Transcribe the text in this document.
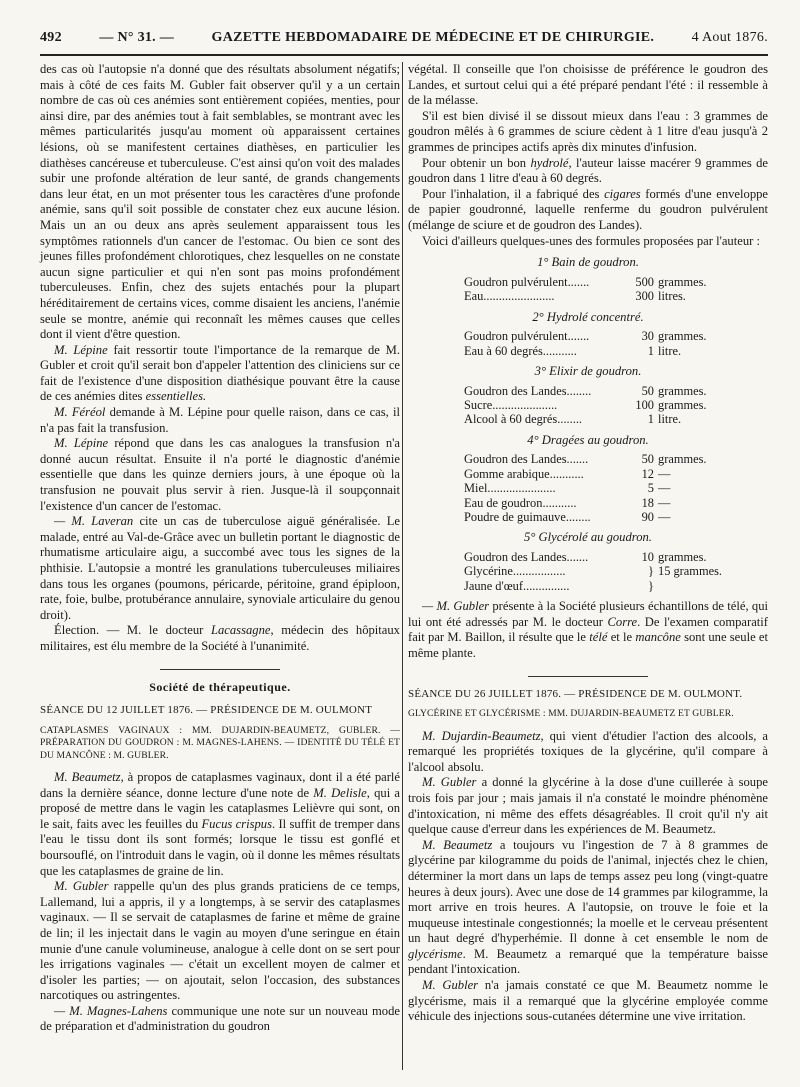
492	— N° 31. —	GAZETTE HEBDOMADAIRE DE MÉDECINE ET DE CHIRURGIE.	4 Aout 1876.

des cas où l'autopsie n'a donné que des résultats absolument négatifs; mais à côté de ces faits M. Gubler fait observer qu'il y a un certain nombre de cas où ces anémies sont entièrement copiées, menties, pour ainsi dire, par des anémies tout à fait semblables, se montrant avec les mêmes particularités jusqu'au moment où apparaissent certaines lésions, où se manifestent certaines diathèses, en particulier les diathèses cancéreuse et tuberculeuse. C'est ainsi qu'on voit des malades subir une profonde altération de leur santé, de grands changements dans leur état, en un mot présenter tous les caractères d'une profonde anémie, sans qu'il soit possible de constater chez eux aucune lésion. Mais un an ou deux ans après seulement apparaissent tous les symptômes rationnels d'un cancer de l'estomac. Ou bien ce sont des jeunes filles profondément chlorotiques, chez lesquelles on ne constate aucun signe particulier et qui n'en sont pas moins profondément tuberculeuses. Enfin, chez des sujets entachés pour la plupart héréditairement de certains vices, comme disaient les anciens, l'anémie seule se montre, anémie qui reconnaît les mêmes causes que celles dont il vient d'être question.

M. Lépine fait ressortir toute l'importance de la remarque de M. Gubler et croit qu'il serait bon d'appeler l'attention des cliniciens sur ce fait de l'existence d'une disposition diathésique pouvant être la cause de ces anémies dites essentielles.

M. Féréol demande à M. Lépine pour quelle raison, dans ce cas, il n'a pas fait la transfusion.

M. Lépine répond que dans les cas analogues la transfusion n'a donné aucun résultat. Ensuite il n'a porté le diagnostic d'anémie essentielle que dans les quinze derniers jours, à une époque où la transfusion ne pouvait plus servir à rien. Jusque-là il soupçonnait l'existence d'un cancer de l'estomac.

— M. Laveran cite un cas de tuberculose aiguë généralisée. Le malade, entré au Val-de-Grâce avec un bulletin portant le diagnostic de rhumatisme articulaire aigu, a succombé avec tous les signes de la phthisie. L'autopsie a montré les granulations tuberculeuses miliaires dans tous les organes (poumons, péricarde, péritoine, grand épiploon, rate, foie, bulbe, protubérance annulaire, synoviale articulaire du genou droit).

Élection. — M. le docteur Lacassagne, médecin des hôpitaux militaires, est élu membre de la Société à l'unanimité.

Société de thérapeutique.

SÉANCE DU 12 JUILLET 1876. — PRÉSIDENCE DE M. OULMONT

CATAPLASMES VAGINAUX : MM. DUJARDIN-BEAUMETZ, GUBLER. — PRÉPARATION DU GOUDRON : M. MAGNES-LAHENS. — IDENTITÉ DU TÉLÉ ET DU MANCÔNE : M. GUBLER.

M. Beaumetz, à propos de cataplasmes vaginaux, dont il a été parlé dans la dernière séance, donne lecture d'une note de M. Delisle, qui a proposé de mettre dans le vagin les cataplasmes Lelièvre qui sont, on le sait, faits avec les feuilles du Fucus crispus. Il suffit de tremper dans l'eau le tissu dont ils sont formés; lorsque le tissu est gonflé et boursouflé, on l'introduit dans le vagin, où il donne les mêmes résultats que les cataplasmes de graine de lin.

M. Gubler rappelle qu'un des plus grands praticiens de ce temps, Lallemand, lui a appris, il y a longtemps, à se servir des cataplasmes vaginaux. — Il se servait de cataplasmes de farine et même de graine de lin; il les injectait dans le vagin au moyen d'une seringue en étain munie d'une canule volumineuse, analogue à celle dont on se sert pour les irrigations vaginales — c'était un excellent moyen de calmer et d'isoler les parties; — on ajoutait, selon l'occasion, des substances narcotiques ou astringentes.

— M. Magnes-Lahens communique une note sur un nouveau mode de préparation et d'administration du goudron

végétal. Il conseille que l'on choisisse de préférence le goudron des Landes, et surtout celui qui a été préparé pendant l'été : il ressemble à de la mélasse.

S'il est bien divisé il se dissout mieux dans l'eau : 3 grammes de goudron mêlés à 6 grammes de sciure cèdent à 1 litre d'eau jusqu'à 2 grammes de principes actifs après dix minutes d'infusion.

Pour obtenir un bon hydrolé, l'auteur laisse macérer 9 grammes de goudron dans 1 litre d'eau à 60 degrés.

Pour l'inhalation, il a fabriqué des cigares formés d'une enveloppe de papier goudronné, laquelle renferme du goudron pulvérulent (mélange de sciure et de goudron des Landes).

Voici d'ailleurs quelques-unes des formules proposées par l'auteur :

1° Bain de goudron.

Goudron pulvérulent.......	500	grammes.
Eau.......................	300	litres.

2° Hydrolé concentré.

Goudron pulvérulent.......	30	grammes.
Eau à 60 degrés...........	1	litre.

3° Elixir de goudron.

Goudron des Landes........	50	grammes.
Sucre.....................	100	grammes.
Alcool à 60 degrés........	1	litre.

4° Dragées au goudron.

Goudron des Landes.......	50	grammes.
Gomme arabique...........	12	—
Miel......................	5	—
Eau de goudron...........	18	—
Poudre de guimauve........	90	—

5° Glycérolé au goudron.

Goudron des Landes.......	10	grammes.
Glycérine.................	}	15 grammes.
Jaune d'œuf...............	}	

— M. Gubler présente à la Société plusieurs échantillons de télé, qui lui ont été adressés par M. le docteur Corre. De l'examen comparatif fait par M. Baillon, il résulte que le télé et le mancône sont une seule et même plante.

SÉANCE DU 26 JUILLET 1876. — PRÉSIDENCE DE M. OULMONT.

GLYCÉRINE ET GLYCÉRISME : MM. DUJARDIN-BEAUMETZ ET GUBLER.

M. Dujardin-Beaumetz, qui vient d'étudier l'action des alcools, a remarqué les propriétés toxiques de la glycérine, qu'il compare à l'alcool absolu.

M. Gubler a donné la glycérine à la dose d'une cuillerée à soupe trois fois par jour ; mais jamais il n'a constaté le moindre phénomène d'intoxication, ni même des effets désagréables. Il croit qu'il n'y ait quelque cause d'erreur dans les expériences de M. Beaumetz.

M. Beaumetz a toujours vu l'ingestion de 7 à 8 grammes de glycérine par kilogramme du poids de l'animal, injectés chez le chien, déterminer la mort dans un laps de temps assez peu long (vingt-quatre heures à deux jours). Avec une dose de 14 grammes par kilogramme, la mort arrive en trois heures. A l'autopsie, on trouve le foie et la muqueuse intestinale congestionnés; la moelle et le cerveau présentent un haut degré d'hyperhémie. Il donne à cet ensemble le nom de glycérisme. M. Beaumetz a remarqué que la température baisse pendant l'intoxication.

M. Gubler n'a jamais constaté ce que M. Beaumetz nomme le glycérisme, mais il a remarqué que la glycérine employée comme véhicule des injections sous-cutanées détermine une vive irritation.
